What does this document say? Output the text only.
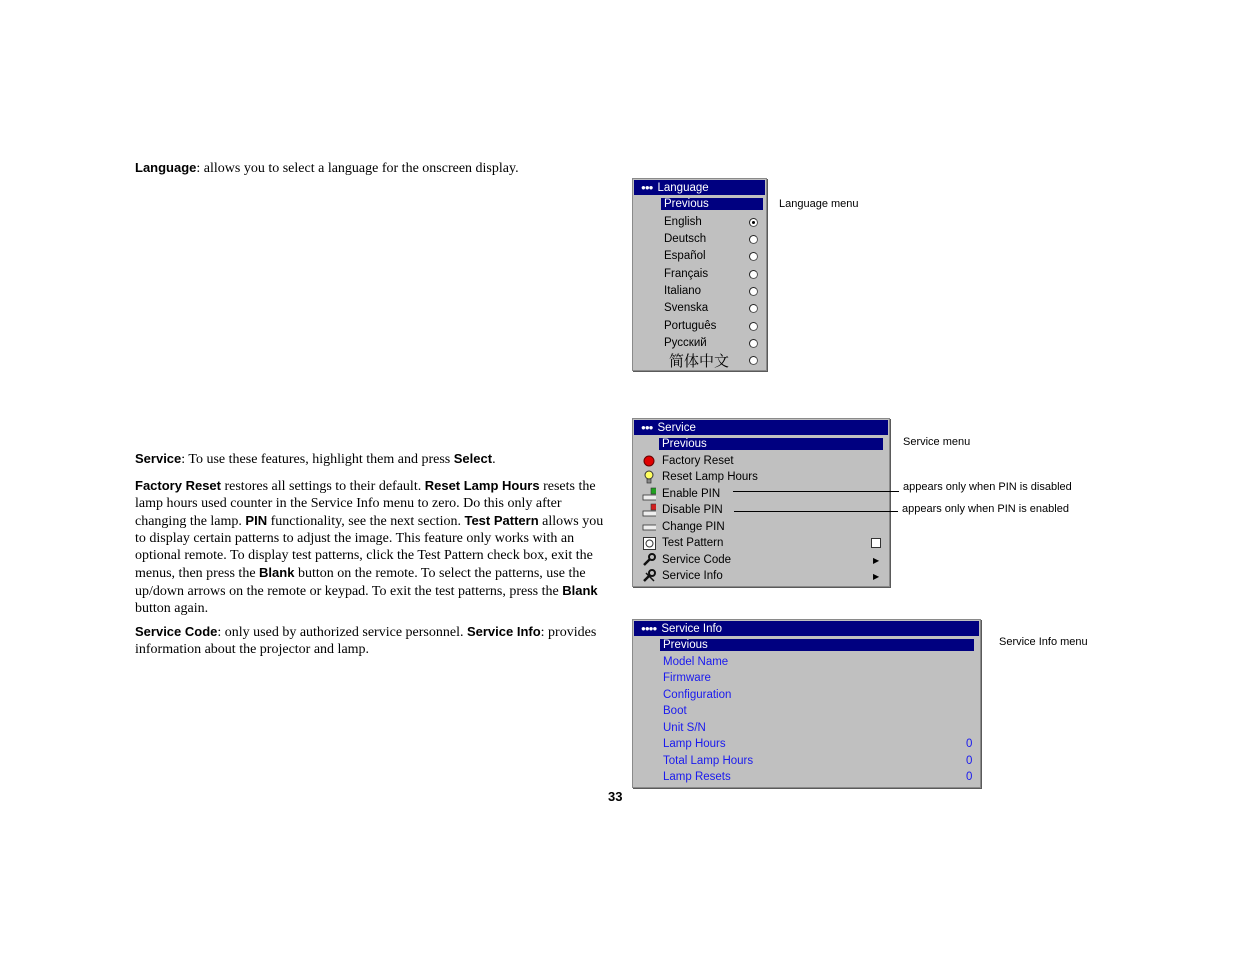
Language: allows you to select a language for the onscreen display.

Service: To use these features, highlight them and press Select.

Factory Reset restores all settings to their default. Reset Lamp Hours resets the lamp hours used counter in the Service Info menu to zero. Do this only after changing the lamp. PIN functionality, see the next section. Test Pattern allows you to display certain patterns to adjust the image. This feature only works with an optional remote. To display test patterns, click the Test Pattern check box, exit the menus, then press the Blank button on the remote. To select the patterns, use the up/down arrows on the remote or keypad. To exit the test patterns, press the Blank button again.

Service Code: only used by authorized service personnel. Service Info: provides information about the projector and lamp.

●●● Language
Previous
English
Deutsch
Español
Français
Italiano
Svenska
Português
Русский
简体中文
Language menu
●●● Service
Previous
Factory Reset
Reset Lamp Hours
Enable PIN
Disable PIN
Change PIN
Test Pattern
Service Code	▶
Service Info	▶
Service menu
appears only when PIN is disabled
appears only when PIN is enabled
●●●● Service Info
Previous
Model Name
Firmware
Configuration
Boot
Unit S/N
Lamp Hours	0
Total Lamp Hours	0
Lamp Resets	0
Service Info menu
33
